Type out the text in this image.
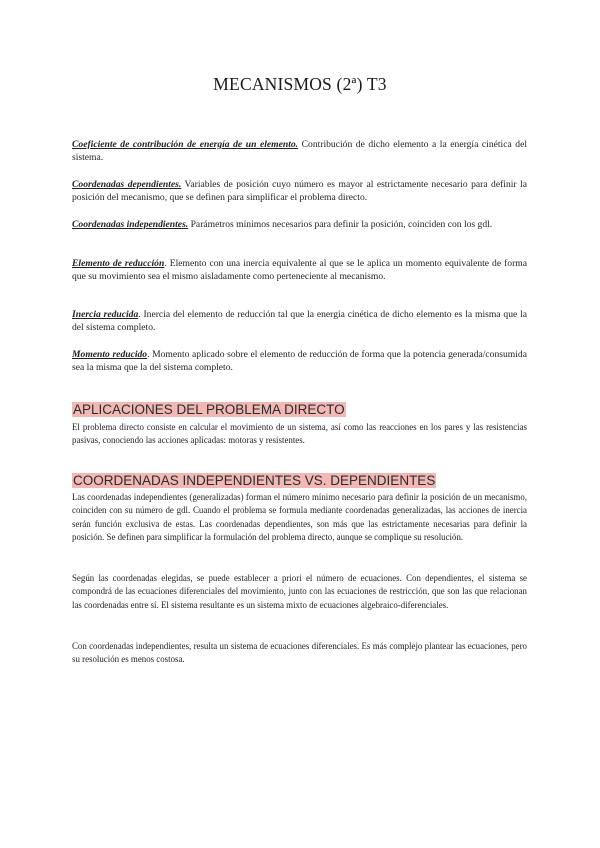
MECANISMOS (2ª) T3

Coeficiente de contribución de energía de un elemento. Contribución de dicho elemento a la energía cinética del sistema.

Coordenadas dependientes. Variables de posición cuyo número es mayor al estrictamente necesario para definir la posición del mecanismo, que se definen para simplificar el problema directo.

Coordenadas independientes. Parámetros mínimos necesarios para definir la posición, coinciden con los gdl.

Elemento de reducción. Elemento con una inercia equivalente al que se le aplica un momento equivalente de forma que su movimiento sea el mismo aisladamente como perteneciente al mecanismo.

Inercia reducida. Inercia del elemento de reducción tal que la energía cinética de dicho elemento es la misma que la del sistema completo.

Momento reducido. Momento aplicado sobre el elemento de reducción de forma que la potencia generada/consumida sea la misma que la del sistema completo.

APLICACIONES DEL PROBLEMA DIRECTO

El problema directo consiste en calcular el movimiento de un sistema, así como las reacciones en los pares y las resistencias pasivas, conociendo las acciones aplicadas: motoras y resistentes.

COORDENADAS INDEPENDIENTES VS. DEPENDIENTES

Las coordenadas independientes (generalizadas) forman el número mínimo necesario para definir la posición de un mecanismo, coinciden con su número de gdl. Cuando el problema se formula mediante coordenadas generalizadas, las acciones de inercia serán función exclusiva de estas. Las coordenadas dependientes, son más que las estrictamente necesarias para definir la posición. Se definen para simplificar la formulación del problema directo, aunque se complique su resolución.

Según las coordenadas elegidas, se puede establecer a priori el número de ecuaciones. Con dependientes, el sistema se compondrá de las ecuaciones diferenciales del movimiento, junto con las ecuaciones de restricción, que son las que relacionan las coordenadas entre sí. El sistema resultante es un sistema mixto de ecuaciones algebraico-diferenciales.

Con coordenadas independientes, resulta un sistema de ecuaciones diferenciales. Es más complejo plantear las ecuaciones, pero su resolución es menos costosa.
